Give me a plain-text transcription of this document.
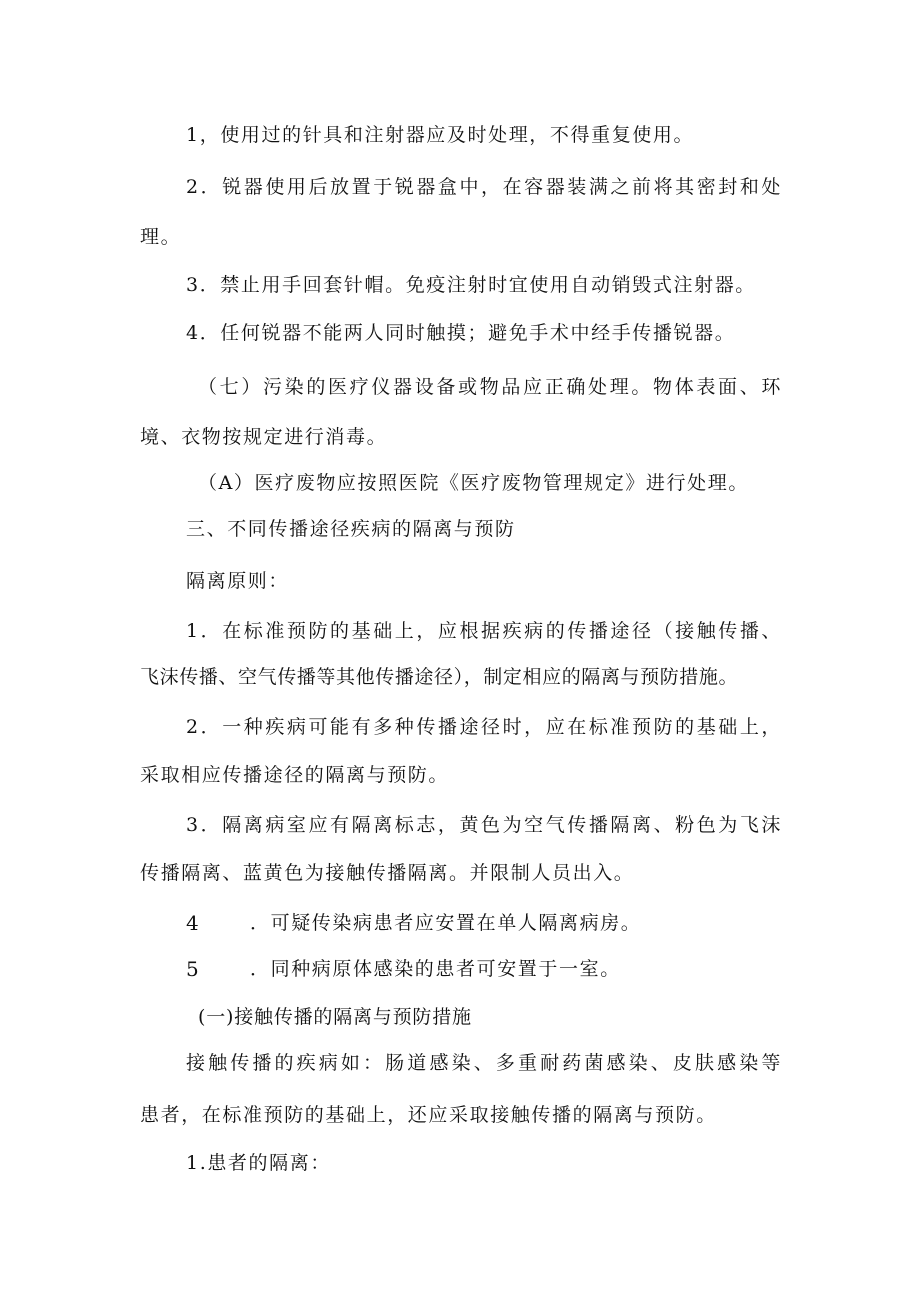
1，使用过的针具和注射器应及时处理，不得重复使用。
2．锐器使用后放置于锐器盒中，在容器装满之前将其密封和处
理。
3．禁止用手回套针帽。免疫注射时宜使用自动销毁式注射器。
4．任何锐器不能两人同时触摸；避免手术中经手传播锐器。
（七）污染的医疗仪器设备或物品应正确处理。物体表面、环
境、衣物按规定进行消毒。
（A）医疗废物应按照医院《医疗废物管理规定》进行处理。
三、不同传播途径疾病的隔离与预防
隔离原则：
1．在标准预防的基础上，应根据疾病的传播途径（接触传播、
飞沫传播、空气传播等其他传播途径），制定相应的隔离与预防措施。
2．一种疾病可能有多种传播途径时，应在标准预防的基础上，
采取相应传播途径的隔离与预防。
3．隔离病室应有隔离标志，黄色为空气传播隔离、粉色为飞沫
传播隔离、蓝黄色为接触传播隔离。并限制人员出入。
4	．可疑传染病患者应安置在单人隔离病房。
5	．同种病原体感染的患者可安置于一室。
(一)接触传播的隔离与预防措施
接触传播的疾病如：肠道感染、多重耐药菌感染、皮肤感染等
患者，在标准预防的基础上，还应采取接触传播的隔离与预防。
1.患者的隔离：
